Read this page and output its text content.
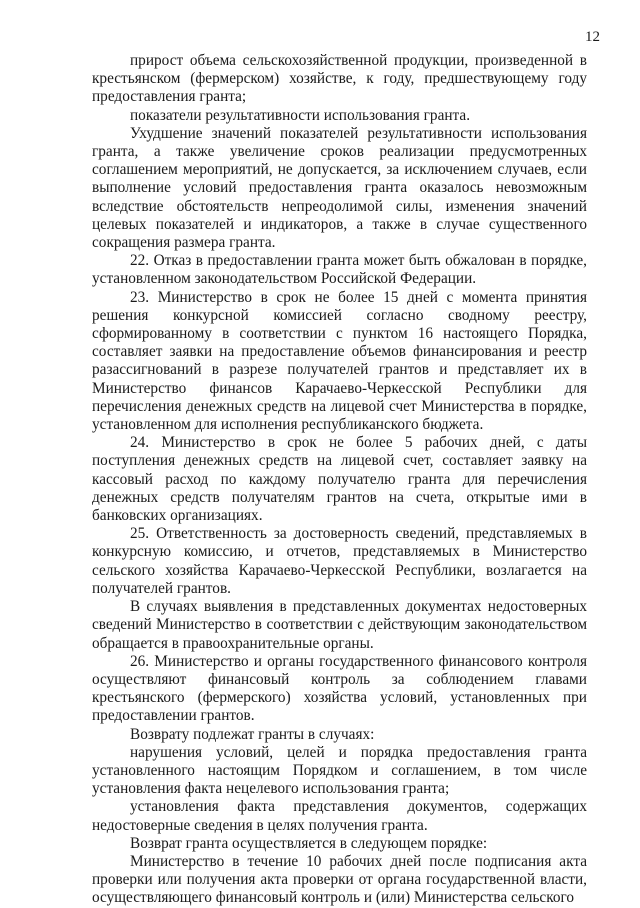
12

прирост объема сельскохозяйственной продукции, произведенной в крестьянском (фермерском) хозяйстве, к году, предшествующему году предоставления гранта;

показатели результативности использования гранта.

Ухудшение значений показателей результативности использования гранта, а также увеличение сроков реализации предусмотренных соглашением мероприятий, не допускается, за исключением случаев, если выполнение условий предоставления гранта оказалось невозможным вследствие обстоятельств непреодолимой силы, изменения значений целевых показателей и индикаторов, а также в случае существенного сокращения размера гранта.

22. Отказ в предоставлении гранта может быть обжалован в порядке, установленном законодательством Российской Федерации.

23. Министерство в срок не более 15 дней с момента принятия решения конкурсной комиссией согласно сводному реестру, сформированному в соответствии с пунктом 16 настоящего Порядка, составляет заявки на предоставление объемов финансирования и реестр разассигнований в разрезе получателей грантов и представляет их в Министерство финансов Карачаево-Черкесской Республики для перечисления денежных средств на лицевой счет Министерства в порядке, установленном для исполнения республиканского бюджета.

24. Министерство в срок не более 5 рабочих дней, с даты поступления денежных средств на лицевой счет, составляет заявку на кассовый расход по каждому получателю гранта для перечисления денежных средств получателям грантов на счета, открытые ими в банковских организациях.

25. Ответственность за достоверность сведений, представляемых в конкурсную комиссию, и отчетов, представляемых в Министерство сельского хозяйства Карачаево-Черкесской Республики, возлагается на получателей грантов.

В случаях выявления в представленных документах недостоверных сведений Министерство в соответствии с действующим законодательством обращается в правоохранительные органы.

26. Министерство и органы государственного финансового контроля осуществляют финансовый контроль за соблюдением главами крестьянского (фермерского) хозяйства условий, установленных при предоставлении грантов.

Возврату подлежат гранты в случаях:

нарушения условий, целей и порядка предоставления гранта установленного настоящим Порядком и соглашением, в том числе установления факта нецелевого использования гранта;

установления факта представления документов, содержащих недостоверные сведения в целях получения гранта.

Возврат гранта осуществляется в следующем порядке:

Министерство в течение 10 рабочих дней после подписания акта проверки или получения акта проверки от органа государственной власти, осуществляющего финансовый контроль и (или) Министерства сельского
